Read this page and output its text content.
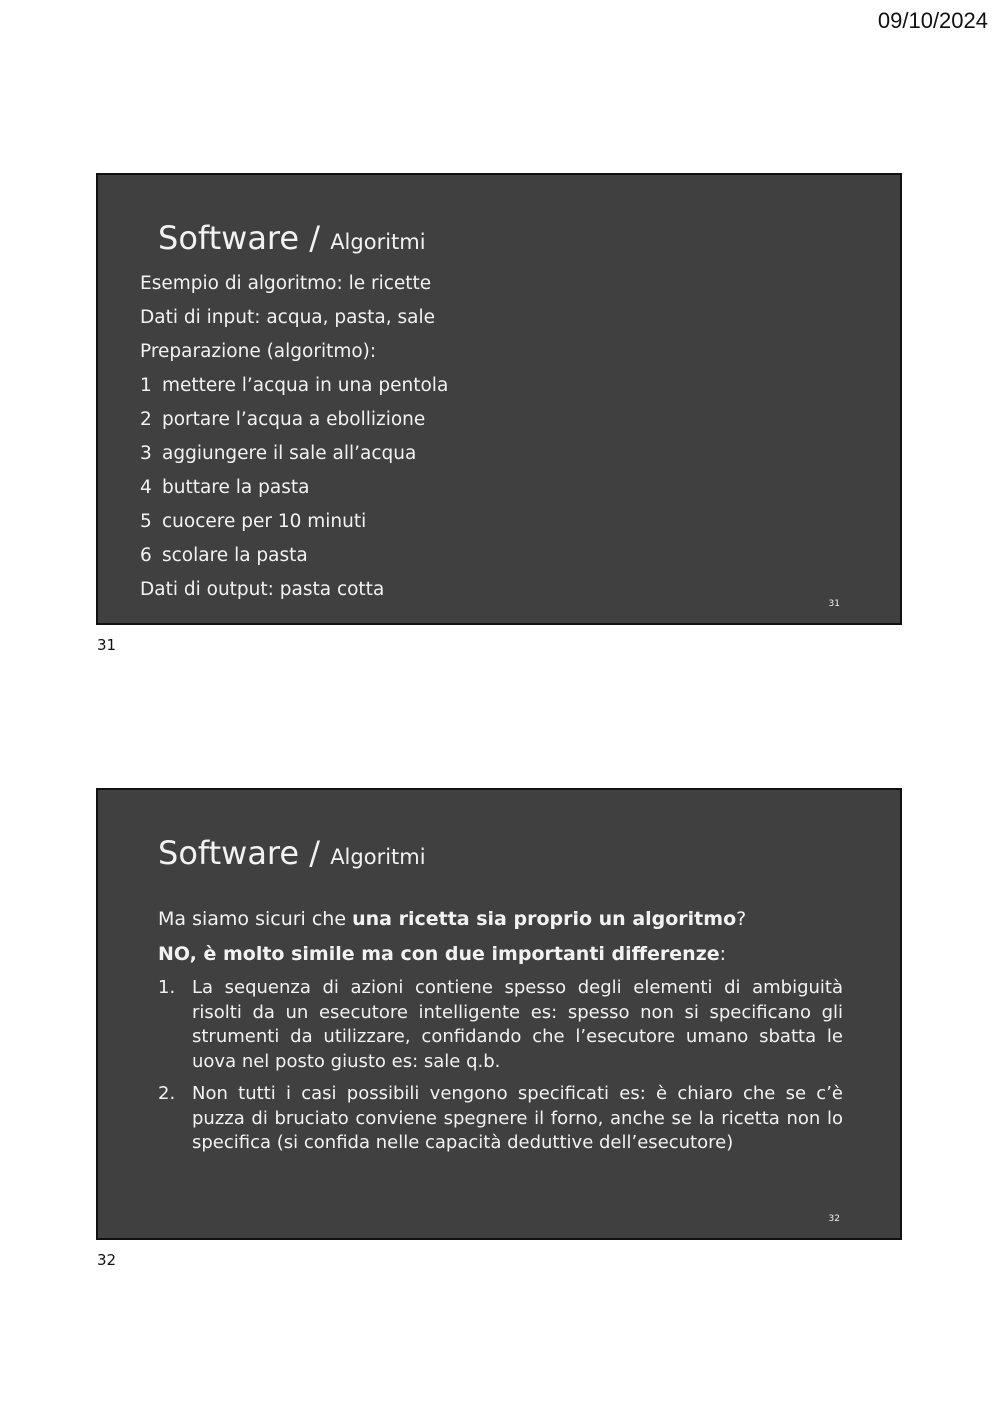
09/10/2024
Software / Algoritmi
Esempio di algoritmo: le ricette
Dati di input: acqua, pasta, sale
Preparazione (algoritmo):
1 mettere l’acqua in una pentola
2 portare l’acqua a ebollizione
3 aggiungere il sale all’acqua
4 buttare la pasta
5 cuocere per 10 minuti
6 scolare la pasta
Dati di output: pasta cotta
31
31
Software / Algoritmi

Ma siamo sicuri che una ricetta sia proprio un algoritmo?

NO, è molto simile ma con due importanti differenze:

1. La sequenza di azioni contiene spesso degli elementi di ambiguità risolti da un esecutore intelligente es: spesso non si specificano gli strumenti da utilizzare, confidando che l’esecutore umano sbatta le uova nel posto giusto es: sale q.b.
2. Non tutti i casi possibili vengono specificati es: è chiaro che se c’è puzza di bruciato conviene spegnere il forno, anche se la ricetta non lo specifica (si confida nelle capacità deduttive dell’esecutore)
32
32
